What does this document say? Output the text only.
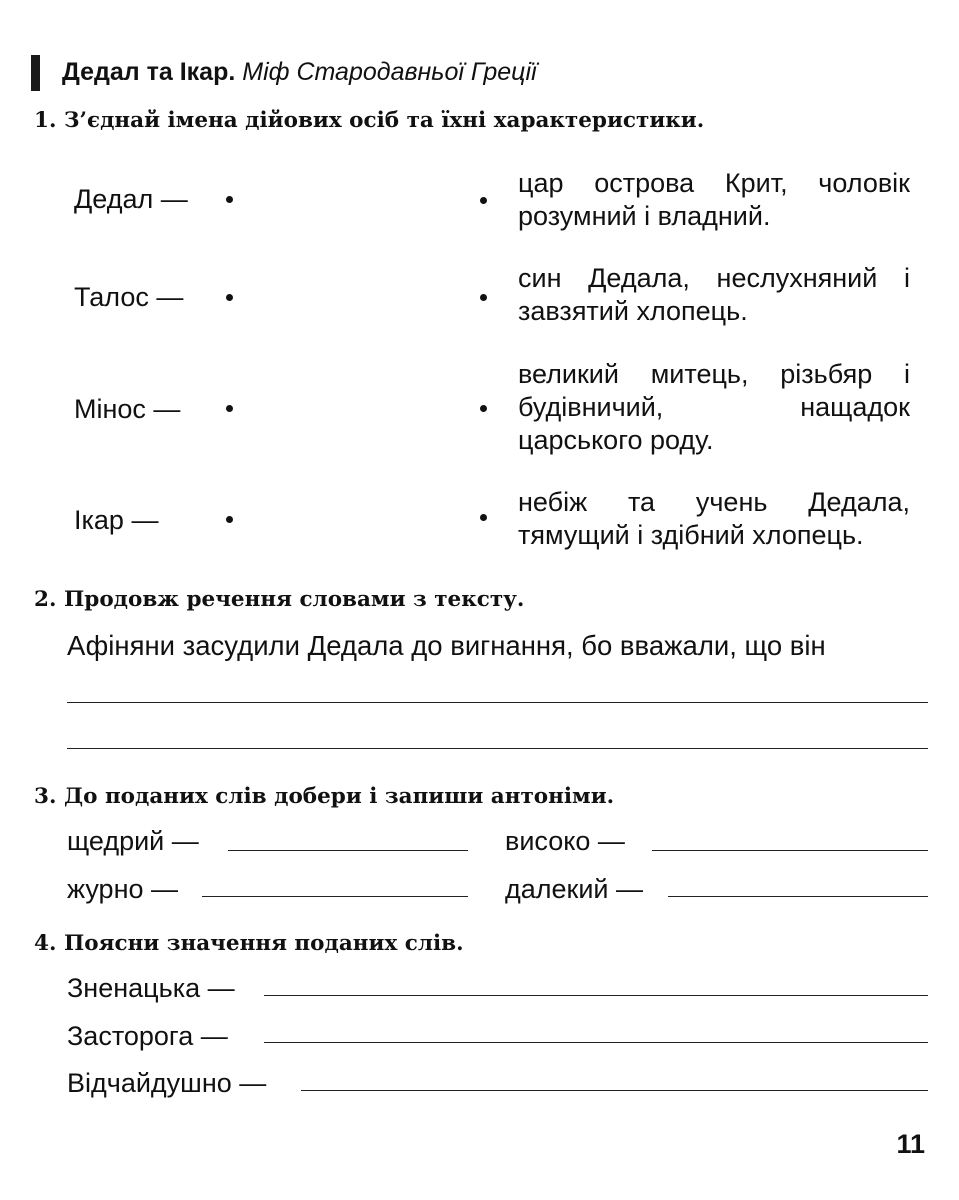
Дедал та Ікар. Міф Стародавньої Греції
1. З’єднай імена дійових осіб та їхні характеристики.
Дедал —
цар острова Крит, чоловік розумний і владний.
Талос —
син Дедала, неслухняний і завзятий хлопець.
Мінос —
великий митець, різьбяр і будівничий, нащадок царського роду.
Ікар —
небіж та учень Дедала, тямущий і здібний хлопець.
2. Продовж речення словами з тексту.
Афіняни засудили Дедала до вигнання, бо вважали, що він
3. До поданих слів добери і запиши антоніми.
щедрий —	високо —
журно —	далекий —
4. Поясни значення поданих слів.
Зненацька —
Засторога —
Відчайдушно —
11
